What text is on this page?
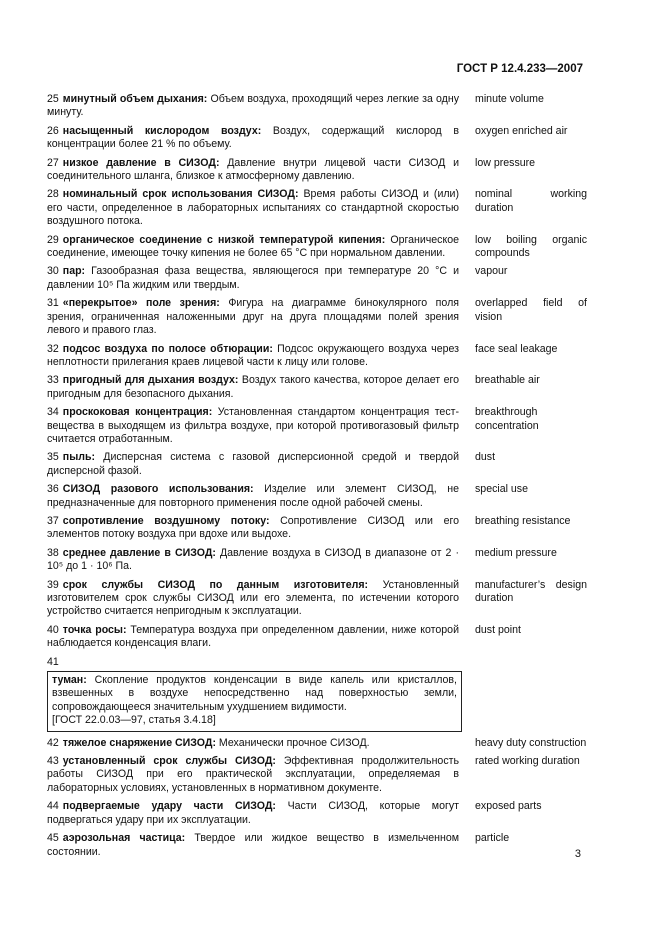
ГОСТ Р 12.4.233—2007
25 минутный объем дыхания: Объем воздуха, проходящий через легкие за одну минуту.
minute volume
26 насыщенный кислородом воздух: Воздух, содержащий кислород в концентрации более 21 % по объему.
oxygen enriched air
27 низкое давление в СИЗОД: Давление внутри лицевой части СИЗОД и соединительного шланга, близкое к атмосферному давлению.
low pressure
28 номинальный срок использования СИЗОД: Время работы СИЗОД и (или) его части, определенное в лабораторных испытаниях со стандартной скоростью воздушного потока.
nominal working duration
29 органическое соединение с низкой температурой кипения: Органическое соединение, имеющее точку кипения не более 65 °С при нормальном давлении.
low boiling organic compounds
30 пар: Газообразная фаза вещества, являющегося при температуре 20 °С и давлении 10⁵ Па жидким или твердым.
vapour
31 «перекрытое» поле зрения: Фигура на диаграмме бинокулярного поля зрения, ограниченная наложенными друг на друга площадями полей зрения левого и правого глаз.
overlapped field of vision
32 подсос воздуха по полосе обтюрации: Подсос окружающего воздуха через неплотности прилегания краев лицевой части к лицу или голове.
face seal leakage
33 пригодный для дыхания воздух: Воздух такого качества, которое делает его пригодным для безопасного дыхания.
breathable air
34 проскоковая концентрация: Установленная стандартом концентрация тест-вещества в выходящем из фильтра воздухе, при которой противогазовый фильтр считается отработанным.
breakthrough concentration
35 пыль: Дисперсная система с газовой дисперсионной средой и твердой дисперсной фазой.
dust
36 СИЗОД разового использования: Изделие или элемент СИЗОД, не предназначенные для повторного применения после одной рабочей смены.
special use
37 сопротивление воздушному потоку: Сопротивление СИЗОД или его элементов потоку воздуха при вдохе или выдохе.
breathing resistance
38 среднее давление в СИЗОД: Давление воздуха в СИЗОД в диапазоне от 2 · 10⁵ до 1 · 10⁶ Па.
medium pressure
39 срок службы СИЗОД по данным изготовителя: Установленный изготовителем срок службы СИЗОД или его элемента, по истечении которого устройство считается непригодным к эксплуатации.
manufacturer’s design duration
40 точка росы: Температура воздуха при определенном давлении, ниже которой наблюдается конденсация влаги.
dust point
41
туман: Скопление продуктов конденсации в виде капель или кристаллов, взвешенных в воздухе непосредственно над поверхностью земли, сопровождающееся значительным ухудшением видимости.
[ГОСТ 22.0.03—97, статья 3.4.18]
42 тяжелое снаряжение СИЗОД: Механически прочное СИЗОД.	heavy duty construction
43 установленный срок службы СИЗОД: Эффективная продолжительность работы СИЗОД при его практической эксплуатации, определяемая в лабораторных условиях, установленных в нормативном документе.
rated working duration
44 подвергаемые удару части СИЗОД: Части СИЗОД, которые могут подвергаться удару при их эксплуатации.
exposed parts
45 аэрозольная частица: Твердое или жидкое вещество в измельченном состоянии.
particle
3
